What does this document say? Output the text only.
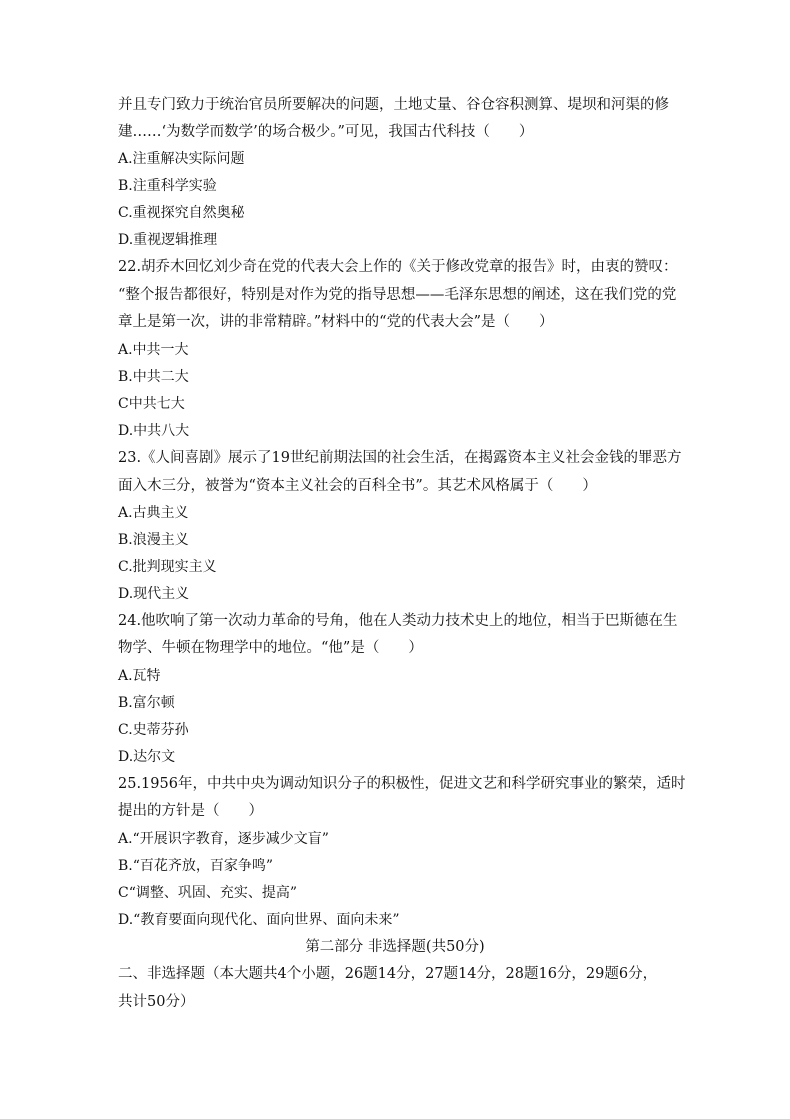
并且专门致力于统治官员所要解决的问题，土地丈量、谷仓容积测算、堤坝和河渠的修
建……‘为数学而数学’的场合极少。”可见，我国古代科技（　　）
A.注重解决实际问题
B.注重科学实验
C.重视探究自然奥秘
D.重视逻辑推理
22.胡乔木回忆刘少奇在党的代表大会上作的《关于修改党章的报告》时，由衷的赞叹：
“整个报告都很好，特别是对作为党的指导思想——毛泽东思想的阐述，这在我们党的党
章上是第一次，讲的非常精辟。”材料中的“党的代表大会”是（　　）
A.中共一大
B.中共二大
C中共七大
D.中共八大
23.《人间喜剧》展示了19世纪前期法国的社会生活，在揭露资本主义社会金钱的罪恶方
面入木三分，被誉为“资本主义社会的百科全书”。其艺术风格属于（　　）
A.古典主义
B.浪漫主义
C.批判现实主义
D.现代主义
24.他吹响了第一次动力革命的号角，他在人类动力技术史上的地位，相当于巴斯德在生
物学、牛顿在物理学中的地位。“他”是（　　）
A.瓦特
B.富尔顿
C.史蒂芬孙
D.达尔文
25.1956年，中共中央为调动知识分子的积极性，促进文艺和科学研究事业的繁荣，适时
提出的方针是（　　）
A.“开展识字教育，逐步减少文盲”
B.“百花齐放，百家争鸣”
C“调整、巩固、充实、提高”
D.“教育要面向现代化、面向世界、面向未来”
第二部分 非选择题(共50分)
二、非选择题（本大题共4个小题，26题14分，27题14分，28题16分，29题6分，
共计50分）
